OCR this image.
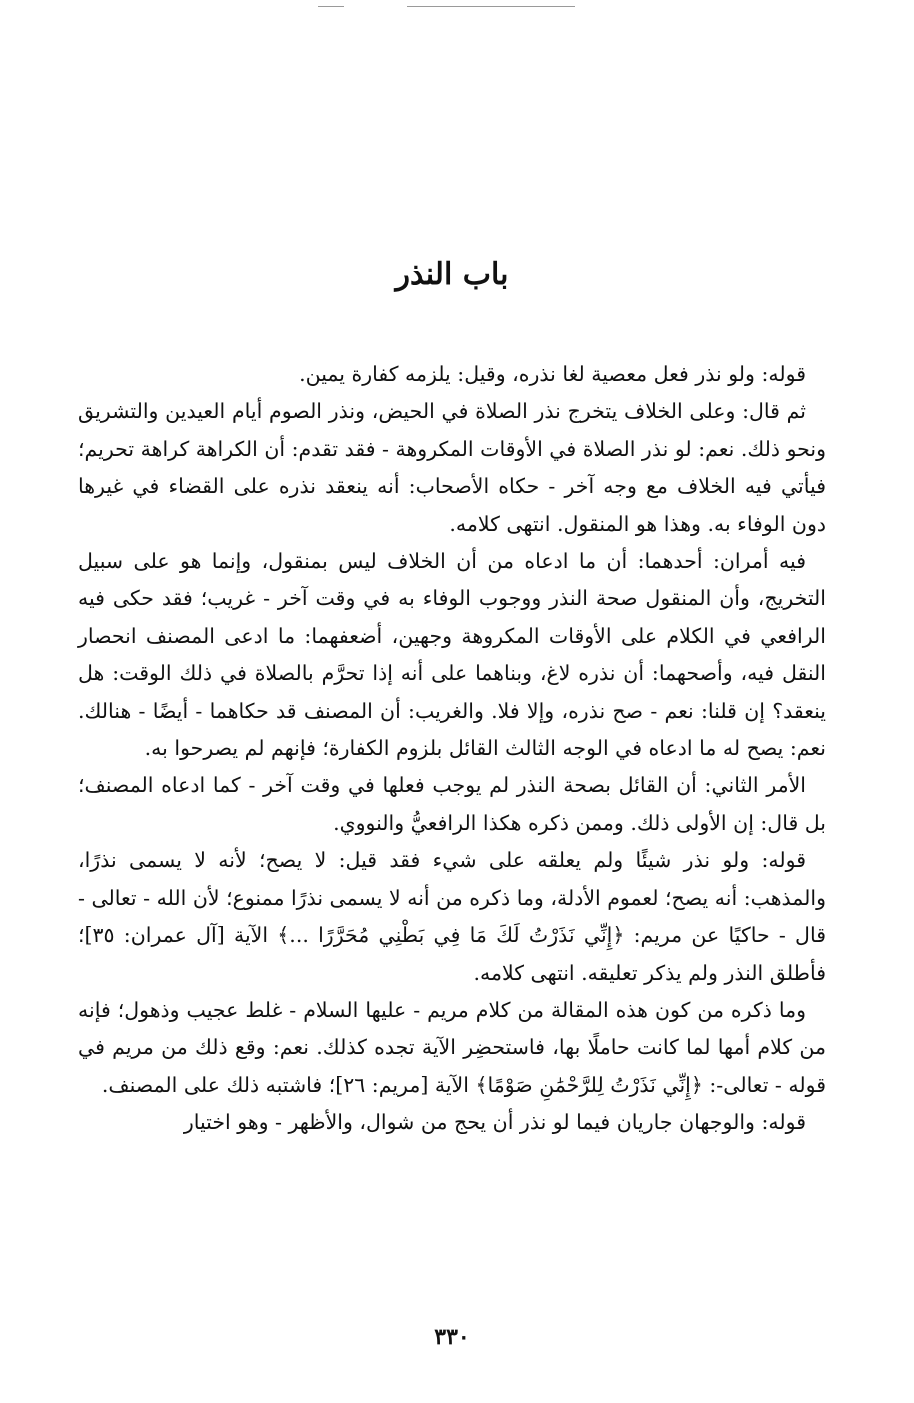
باب النذر

قوله: ولو نذر فعل معصية لغا نذره، وقيل: يلزمه كفارة يمين.

ثم قال: وعلى الخلاف يتخرج نذر الصلاة في الحيض، ونذر الصوم أيام العيدين والتشريق ونحو ذلك. نعم: لو نذر الصلاة في الأوقات المكروهة - فقد تقدم: أن الكراهة كراهة تحريم؛ فيأتي فيه الخلاف مع وجه آخر - حكاه الأصحاب: أنه ينعقد نذره على القضاء في غيرها دون الوفاء به. وهذا هو المنقول. انتهى كلامه.

فيه أمران: أحدهما: أن ما ادعاه من أن الخلاف ليس بمنقول، وإنما هو على سبيل التخريج، وأن المنقول صحة النذر ووجوب الوفاء به في وقت آخر - غريب؛ فقد حكى فيه الرافعي في الكلام على الأوقات المكروهة وجهين، أضعفهما: ما ادعى المصنف انحصار النقل فيه، وأصحهما: أن نذره لاغ، وبناهما على أنه إذا تحرَّم بالصلاة في ذلك الوقت: هل ينعقد؟ إن قلنا: نعم - صح نذره، وإلا فلا. والغريب: أن المصنف قد حكاهما - أيضًا - هنالك. نعم: يصح له ما ادعاه في الوجه الثالث القائل بلزوم الكفارة؛ فإنهم لم يصرحوا به.

الأمر الثاني: أن القائل بصحة النذر لم يوجب فعلها في وقت آخر - كما ادعاه المصنف؛ بل قال: إن الأولى ذلك. وممن ذكره هكذا الرافعيُّ والنووي.

قوله: ولو نذر شيئًا ولم يعلقه على شيء فقد قيل: لا يصح؛ لأنه لا يسمى نذرًا، والمذهب: أنه يصح؛ لعموم الأدلة، وما ذكره من أنه لا يسمى نذرًا ممنوع؛ لأن الله - تعالى - قال - حاكيًا عن مريم: ﴿إِنِّي نَذَرْتُ لَكَ مَا فِي بَطْنِي مُحَرَّرًا ...﴾ الآية [آل عمران: ٣٥]؛ فأطلق النذر ولم يذكر تعليقه. انتهى كلامه.

وما ذكره من كون هذه المقالة من كلام مريم - عليها السلام - غلط عجيب وذهول؛ فإنه من كلام أمها لما كانت حاملًا بها، فاستحضِر الآية تجده كذلك. نعم: وقع ذلك من مريم في قوله - تعالى-: ﴿إِنِّي نَذَرْتُ لِلرَّحْمَٰنِ صَوْمًا﴾ الآية [مريم: ٢٦]؛ فاشتبه ذلك على المصنف.

قوله: والوجهان جاريان فيما لو نذر أن يحج من شوال، والأظهر - وهو اختيار

٣٣٠
